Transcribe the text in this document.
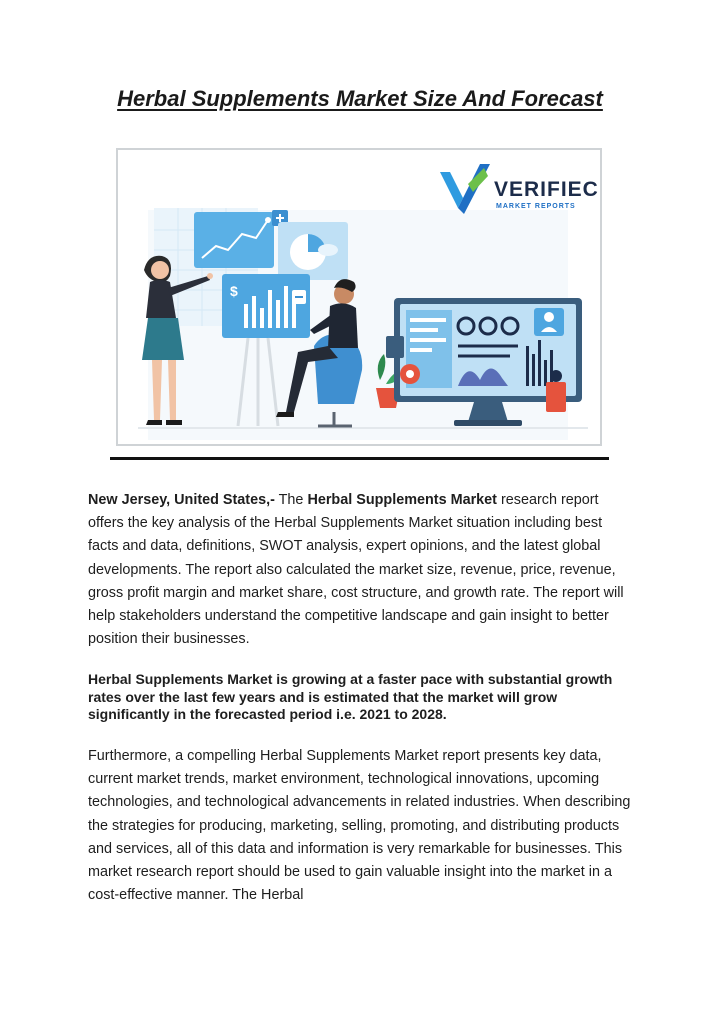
Herbal Supplements Market Size And Forecast
VERIFIEC
MARKET REPORTS
$
New Jersey, United States,- The Herbal Supplements Market research report offers the key analysis of the Herbal Supplements Market situation including best facts and data, definitions, SWOT analysis, expert opinions, and the latest global developments. The report also calculated the market size, revenue, price, revenue, gross profit margin and market share, cost structure, and growth rate. The report will help stakeholders understand the competitive landscape and gain insight to better position their businesses.
Herbal Supplements Market is growing at a faster pace with substantial growth rates over the last few years and is estimated that the market will grow significantly in the forecasted period i.e. 2021 to 2028.
Furthermore, a compelling Herbal Supplements Market report presents key data, current market trends, market environment, technological innovations, upcoming technologies, and technological advancements in related industries. When describing the strategies for producing, marketing, selling, promoting, and distributing products and services, all of this data and information is very remarkable for businesses. This market research report should be used to gain valuable insight into the market in a cost-effective manner. The Herbal
